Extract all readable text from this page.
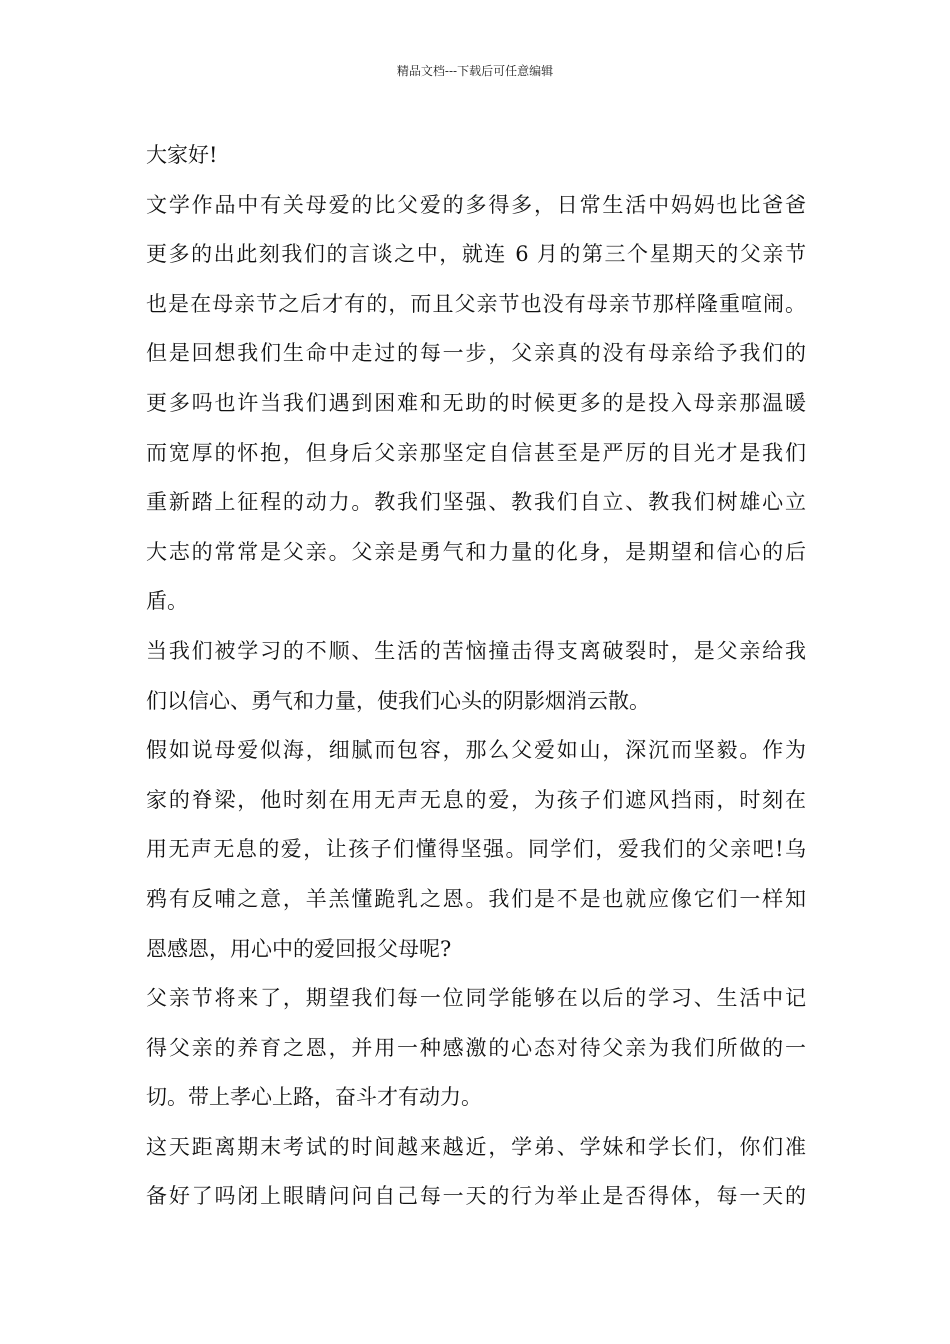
精品文档---下载后可任意编辑
大家好!
文学作品中有关母爱的比父爱的多得多，日常生活中妈妈也比爸爸
更多的出此刻我们的言谈之中，就连 6 月的第三个星期天的父亲节
也是在母亲节之后才有的，而且父亲节也没有母亲节那样隆重喧闹。
但是回想我们生命中走过的每一步，父亲真的没有母亲给予我们的
更多吗也许当我们遇到困难和无助的时候更多的是投入母亲那温暖
而宽厚的怀抱，但身后父亲那坚定自信甚至是严厉的目光才是我们
重新踏上征程的动力。教我们坚强、教我们自立、教我们树雄心立
大志的常常是父亲。父亲是勇气和力量的化身，是期望和信心的后
盾。
当我们被学习的不顺、生活的苦恼撞击得支离破裂时，是父亲给我
们以信心、勇气和力量，使我们心头的阴影烟消云散。
假如说母爱似海，细腻而包容，那么父爱如山，深沉而坚毅。作为
家的脊梁，他时刻在用无声无息的爱，为孩子们遮风挡雨，时刻在
用无声无息的爱，让孩子们懂得坚强。同学们，爱我们的父亲吧!乌
鸦有反哺之意，羊羔懂跪乳之恩。我们是不是也就应像它们一样知
恩感恩，用心中的爱回报父母呢?
父亲节将来了，期望我们每一位同学能够在以后的学习、生活中记
得父亲的养育之恩，并用一种感激的心态对待父亲为我们所做的一
切。带上孝心上路，奋斗才有动力。
这天距离期末考试的时间越来越近，学弟、学妹和学长们，你们准
备好了吗闭上眼睛问问自己每一天的行为举止是否得体，每一天的
